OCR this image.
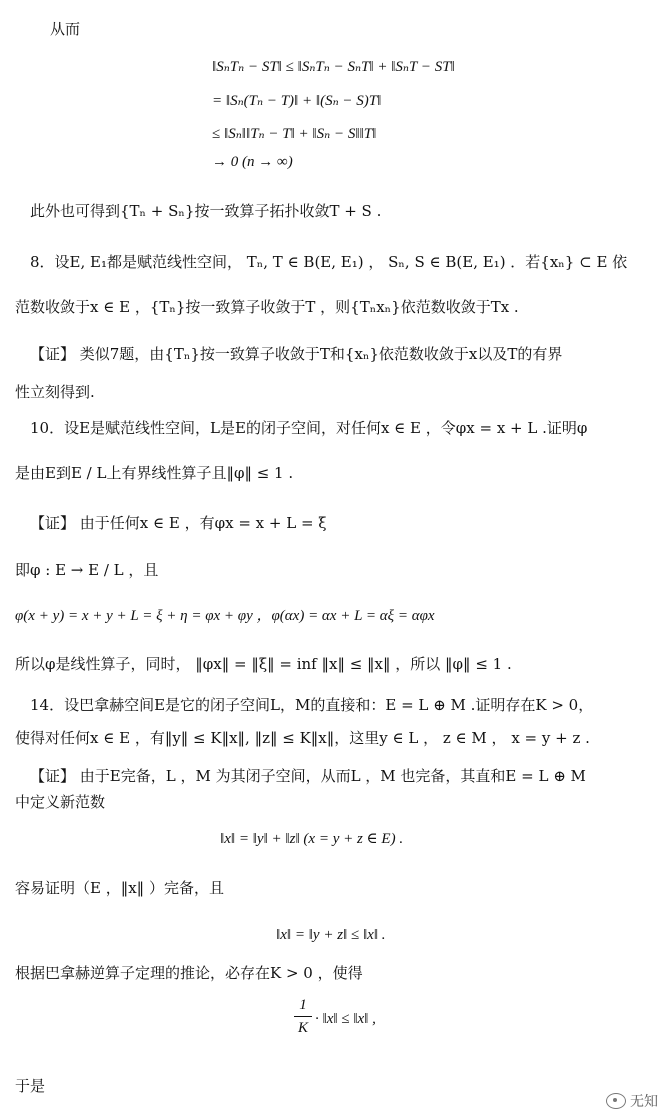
从而
‖SₙTₙ − ST‖ ≤ ‖SₙTₙ − SₙT‖ + ‖SₙT − ST‖
= ‖Sₙ(Tₙ − T)‖ + ‖(Sₙ − S)T‖
≤ ‖Sₙ‖‖Tₙ − T‖ + ‖Sₙ − S‖‖T‖
→ 0 (n → ∞)
此外也可得到{Tₙ + Sₙ}按一致算子拓扑收敛T + S .
8．设E, E₁都是赋范线性空间， Tₙ, T ∈ B(E, E₁) ， Sₙ, S ∈ B(E, E₁) ．若{xₙ} ⊂ E 依
范数收敛于x ∈ E ，{Tₙ}按一致算子收敛于T ，则{Tₙxₙ}依范数收敛于Tx .
【证】 类似7题，由{Tₙ}按一致算子收敛于T和{xₙ}依范数收敛于x以及T的有界
性立刻得到.
10．设E是赋范线性空间，L是E的闭子空间，对任何x ∈ E ，令φx = x + L .证明φ
是由E到E / L上有界线性算子且‖φ‖ ≤ 1 .
【证】 由于任何x ∈ E ，有φx = x + L = ξ
即φ : E → E / L ，且
φ(x + y) = x + y + L = ξ + η = φx + φy ，φ(αx) = αx + L = αξ = αφx
所以φ是线性算子，同时， ‖φx‖ = ‖ξ‖ = inf ‖x‖ ≤ ‖x‖ ，所以 ‖φ‖ ≤ 1 .
14．设巴拿赫空间E是它的闭子空间L，M的直接和：E = L ⊕ M .证明存在K > 0，
使得对任何x ∈ E ，有‖y‖ ≤ K‖x‖, ‖z‖ ≤ K‖x‖，这里y ∈ L ， z ∈ M ， x = y + z .
【证】 由于E完备，L ，M 为其闭子空间，从而L ，M 也完备，其直和E = L ⊕ M
中定义新范数
‖x‖ = ‖y‖ + ‖z‖ (x = y + z ∈ E) .
容易证明（E ，‖x‖ ）完备，且
‖x‖ = ‖y + z‖ ≤ ‖x‖ .
根据巴拿赫逆算子定理的推论，必存在K > 0 ，使得
1
K
· ‖x‖ ≤ ‖x‖ ,
于是
无知
